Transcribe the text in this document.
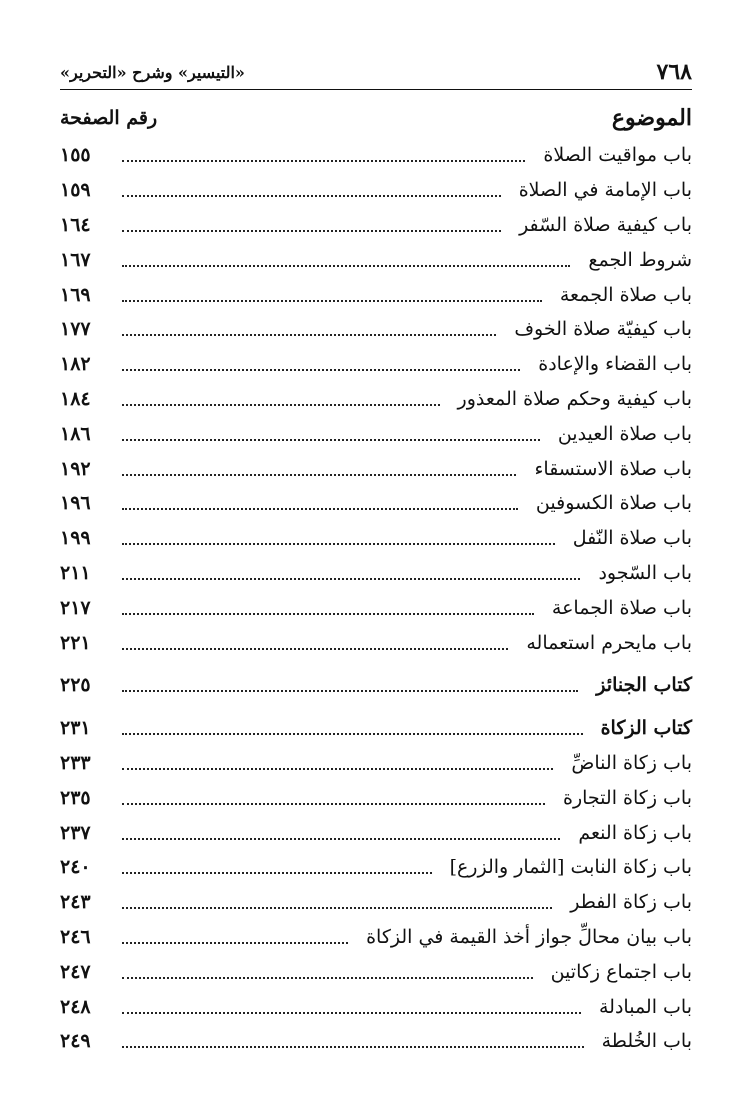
«التيسير» وشرح «التحرير»	٧٦٨
الموضوع
رقم الصفحة
باب مواقيت الصلاة
١٥٥
باب الإمامة في الصلاة
١٥٩
باب كيفية صلاة السّفر
١٦٤
شروط الجمع
١٦٧
باب صلاة الجمعة
١٦٩
باب كيفيّة صلاة الخوف
١٧٧
باب القضاء والإعادة
١٨٢
باب كيفية وحكم صلاة المعذور
١٨٤
باب صلاة العيدين
١٨٦
باب صلاة الاستسقاء
١٩٢
باب صلاة الكسوفين
١٩٦
باب صلاة النّفل
١٩٩
باب السّجود
٢١١
باب صلاة الجماعة
٢١٧
باب مايحرم استعماله
٢٢١
كتاب الجنائز
٢٢٥
كتاب الزكاة
٢٣١
باب زكاة الناضِّ
٢٣٣
باب زكاة التجارة
٢٣٥
باب زكاة النعم
٢٣٧
باب زكاة النابت [الثمار والزرع]
٢٤٠
باب زكاة الفطر
٢٤٣
باب بيان محالِّ جواز أخذ القيمة في الزكاة
٢٤٦
باب اجتماع زكاتين
٢٤٧
باب المبادلة
٢٤٨
باب الخُلطة
٢٤٩
